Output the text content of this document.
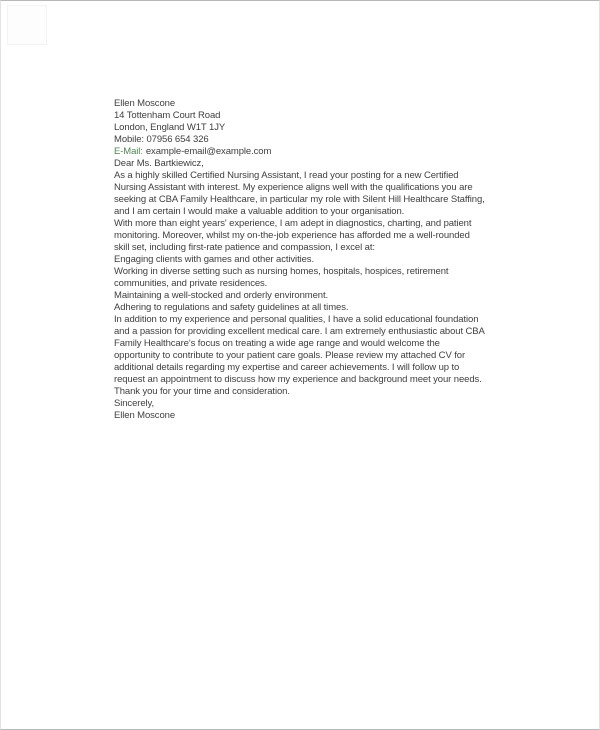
Ellen Moscone
14 Tottenham Court Road
London, England W1T 1JY
Mobile: 07956 654 326
E-Mail: example-email@example.com
Dear Ms. Bartkiewicz,
As a highly skilled Certified Nursing Assistant, I read your posting for a new Certified
Nursing Assistant with interest. My experience aligns well with the qualifications you are
seeking at CBA Family Healthcare, in particular my role with Silent Hill Healthcare Staffing,
and I am certain I would make a valuable addition to your organisation.
With more than eight years' experience, I am adept in diagnostics, charting, and patient
monitoring. Moreover, whilst my on-the-job experience has afforded me a well-rounded
skill set, including first-rate patience and compassion, I excel at:
Engaging clients with games and other activities.
Working in diverse setting such as nursing homes, hospitals, hospices, retirement
communities, and private residences.
Maintaining a well-stocked and orderly environment.
Adhering to regulations and safety guidelines at all times.
In addition to my experience and personal qualities, I have a solid educational foundation
and a passion for providing excellent medical care. I am extremely enthusiastic about CBA
Family Healthcare's focus on treating a wide age range and would welcome the
opportunity to contribute to your patient care goals. Please review my attached CV for
additional details regarding my expertise and career achievements. I will follow up to
request an appointment to discuss how my experience and background meet your needs.
Thank you for your time and consideration.
Sincerely,
Ellen Moscone
